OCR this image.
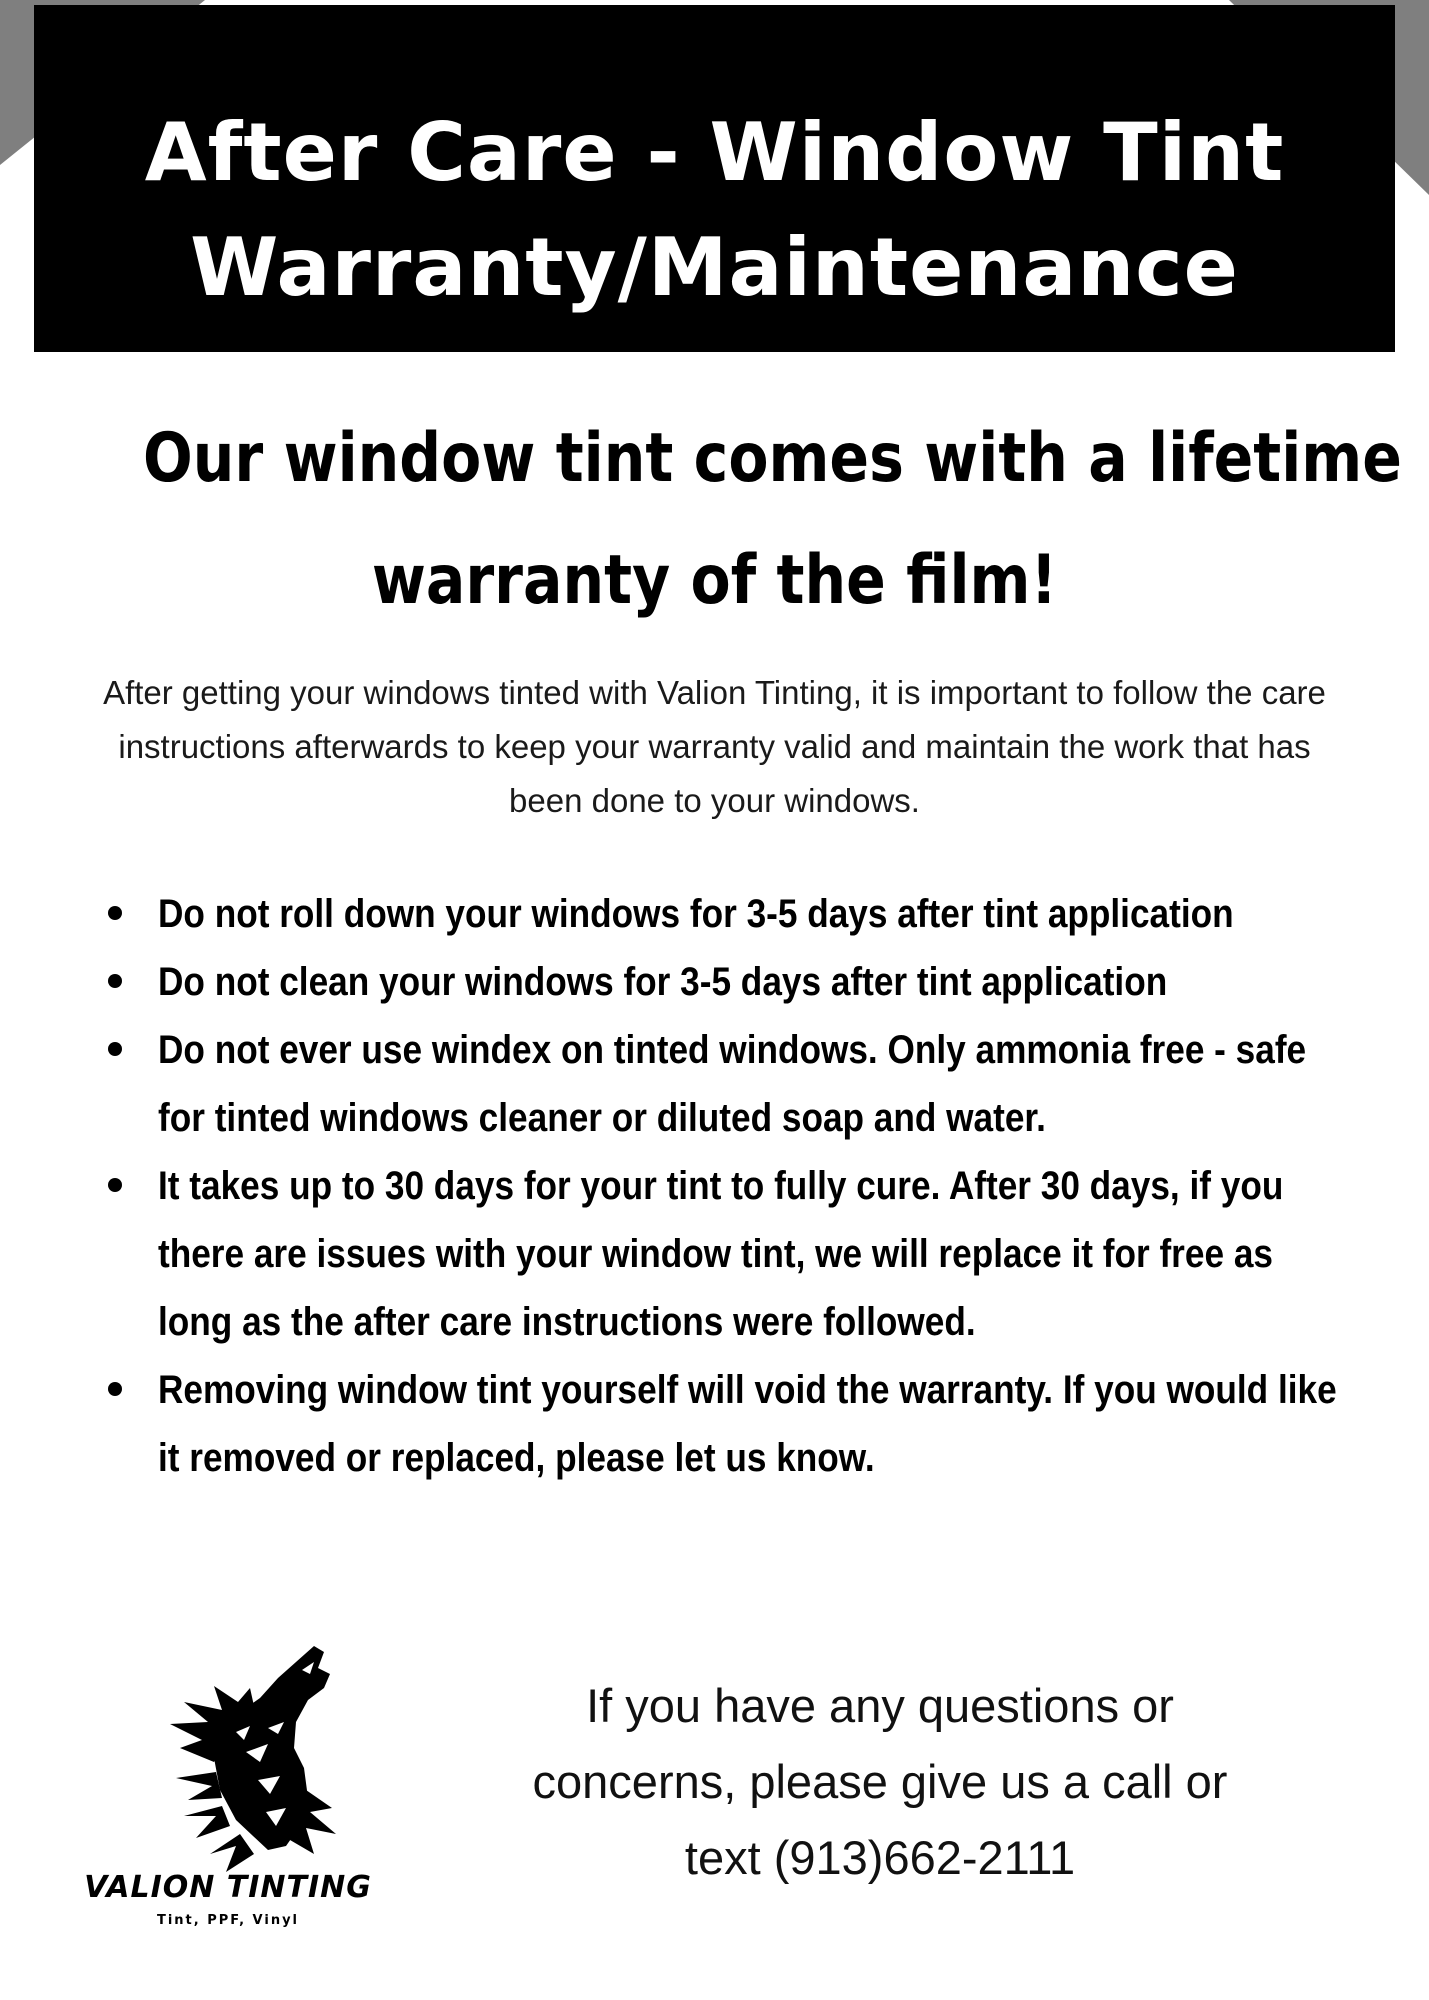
After Care - Window Tint
Warranty/Maintenance
Our window tint comes with a lifetime
warranty of the film!

After getting your windows tinted with Valion Tinting, it is important to follow the care instructions afterwards to keep your warranty valid and maintain the work that has been done to your windows.

Do not roll down your windows for 3-5 days after tint application
Do not clean your windows for 3-5 days after tint application
Do not ever use windex on tinted windows. Only ammonia free - safe for tinted windows cleaner or diluted soap and water.
It takes up to 30 days for your tint to fully cure. After 30 days, if you there are issues with your window tint, we will replace it for free as long as the after care instructions were followed.
Removing window tint yourself will void the warranty. If you would like it removed or replaced, please let us know.
VALION TINTING
Tint, PPF, Vinyl
If you have any questions or
concerns, please give us a call or
text (913)662-2111
